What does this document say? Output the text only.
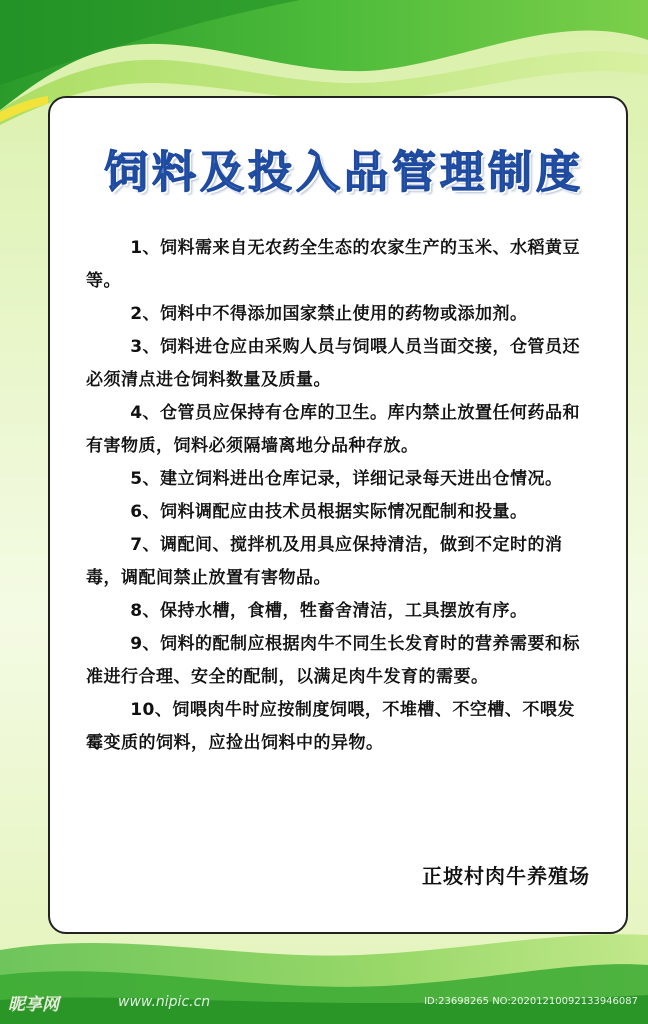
饲料及投入品管理制度
1、饲料需来自无农药全生态的农家生产的玉米、水稻黄豆等。
2、饲料中不得添加国家禁止使用的药物或添加剂。
3、饲料进仓应由采购人员与饲喂人员当面交接，仓管员还必须清点进仓饲料数量及质量。
4、仓管员应保持有仓库的卫生。库内禁止放置任何药品和有害物质，饲料必须隔墙离地分品种存放。
5、建立饲料进出仓库记录，详细记录每天进出仓情况。
6、饲料调配应由技术员根据实际情况配制和投量。
7、调配间、搅拌机及用具应保持清洁，做到不定时的消毒，调配间禁止放置有害物品。
8、保持水槽，食槽，牲畜舍清洁，工具摆放有序。
9、饲料的配制应根据肉牛不同生长发育时的营养需要和标准进行合理、安全的配制，以满足肉牛发育的需要。
10、饲喂肉牛时应按制度饲喂，不堆槽、不空槽、不喂发霉变质的饲料，应捡出饲料中的异物。
正坡村肉牛养殖场
昵享网	www.nipic.cn	ID:23698265 NO:20201210092133946087
